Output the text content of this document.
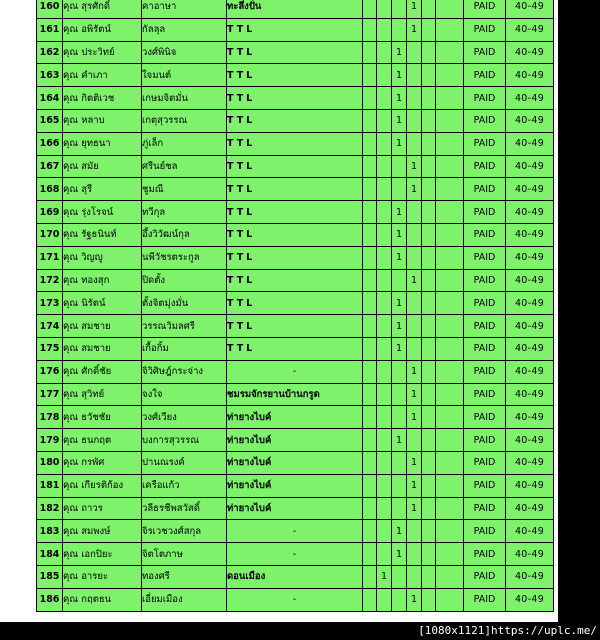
160	คุณ สุรศักดิ์	คาอาษา	ทะลึ่งปั่น				1			PAID	40-49
161	คุณ อพิรัตน์	กัลลุล	TTL				1			PAID	40-49
162	คุณ ประวิทย์	วงศ์พินิจ	TTL			1				PAID	40-49
163	คุณ คำเภา	ใจมนต์	TTL			1				PAID	40-49
164	คุณ กิตติเวช	เกษมจิตมั่น	TTL			1				PAID	40-49
165	คุณ หลาบ	เกตุสุวรรณ	TTL			1				PAID	40-49
166	คุณ ยุทธนา	ภู่เล็ก	TTL			1				PAID	40-49
167	คุณ สมัย	ศรีนย์ชล	TTL				1			PAID	40-49
168	คุณ สุรี	ชูมณี	TTL				1			PAID	40-49
169	คุณ รุ่งโรจน์	ทวีกุล	TTL			1				PAID	40-49
170	คุณ รัฐธนินท์	อึ้งวิวัฒน์กุล	TTL			1				PAID	40-49
171	คุณ วิญญู	นพีวัชรตระกูล	TTL			1				PAID	40-49
172	คุณ ทองสุก	ปิดตั้ง	TTL				1			PAID	40-49
173	คุณ นิรัตน์	ตั้งจิตมุ่งมั่น	TTL			1				PAID	40-49
174	คุณ สมชาย	วรรณวิมลศรี	TTL			1				PAID	40-49
175	คุณ สมชาย	เกื้อกิ้ม	TTL			1				PAID	40-49
176	คุณ ศักดิ์ชัย	จิวิศิษฎ์กระจ่าง	-				1			PAID	40-49
177	คุณ สุวิทย์	จงใจ	ชมรมจักรยานบ้านกรูด				1			PAID	40-49
178	คุณ ธวัชชัย	วงศ์เวียง	ท่ายางไบค์				1			PAID	40-49
179	คุณ ธนกฤต	บงการสุวรรณ	ท่ายางไบค์			1				PAID	40-49
180	คุณ กรพัศ	ปานณรงค์	ท่ายางไบค์				1			PAID	40-49
181	คุณ เกียรติก้อง	เครือแก้ว	ท่ายางไบค์				1			PAID	40-49
182	คุณ ถาวร	วลีธรชีพสวัสดิ์	ท่ายางไบค์				1			PAID	40-49
183	คุณ สมพงษ์	จิรเวชวงศ์สกุล	-			1				PAID	40-49
184	คุณ เอกปิยะ	จิตโตภาษ	-			1				PAID	40-49
185	คุณ อารยะ	ทองศรี	ดอนเมือง		1					PAID	40-49
186	คุณ กฤตธน	เอี่ยมเมือง	-				1			PAID	40-49
[1080x1121]https://uplc.me/
